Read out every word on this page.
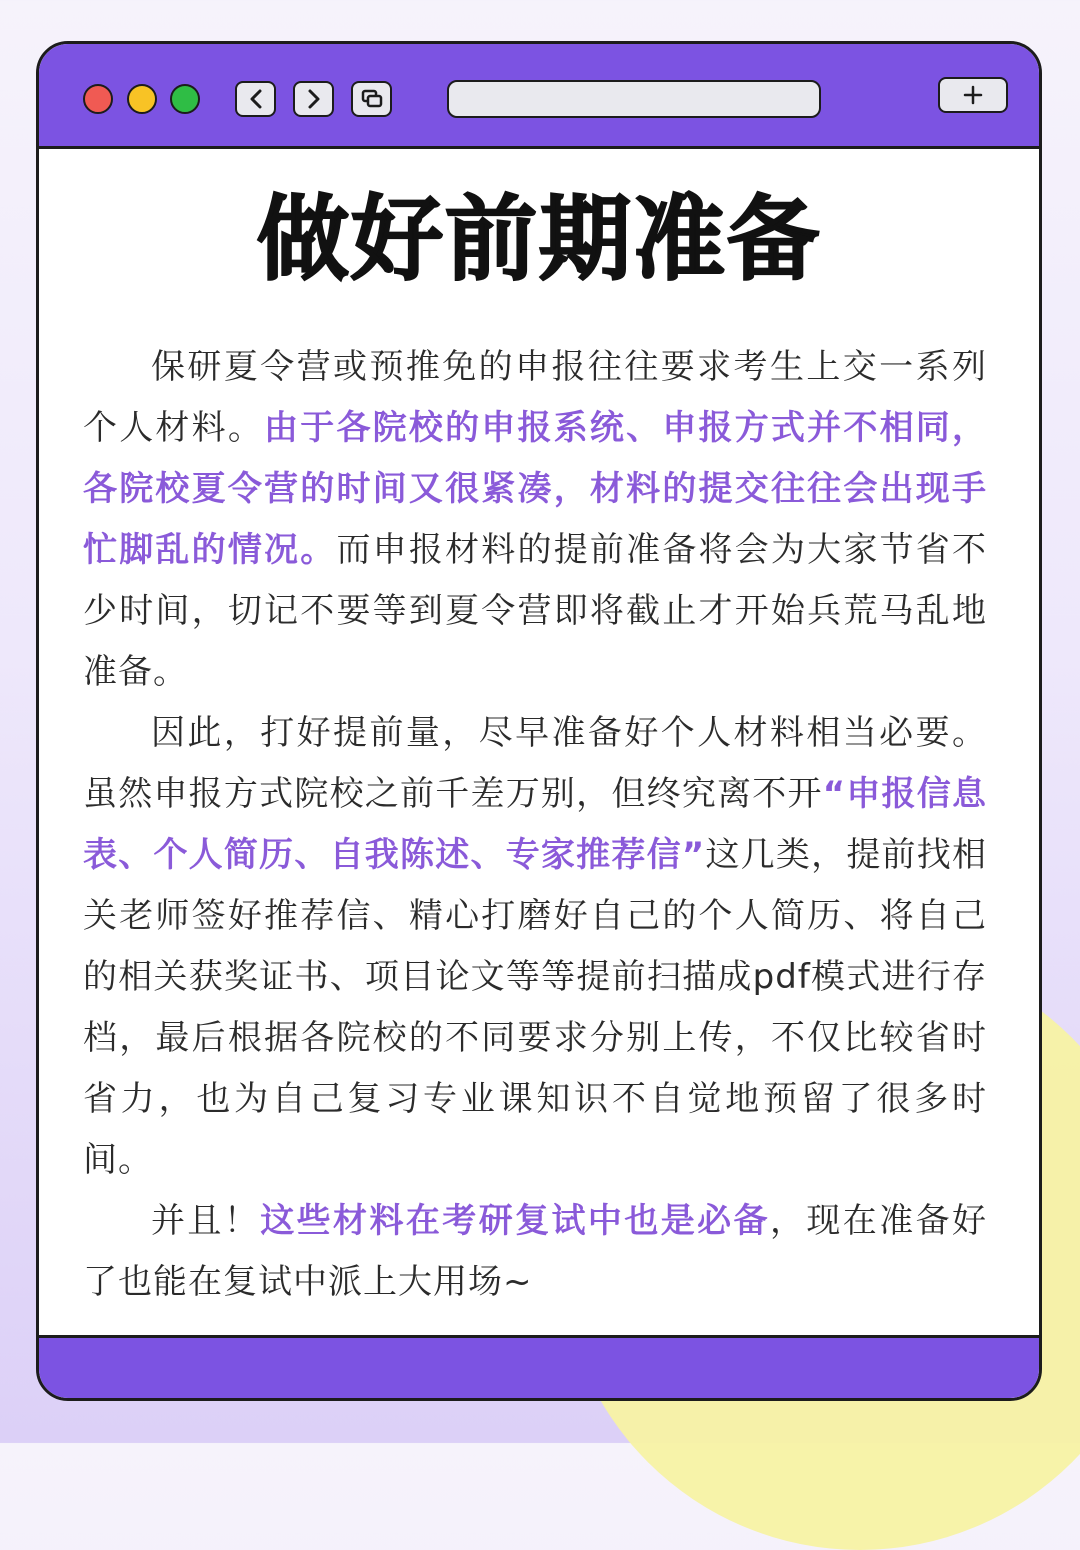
做好前期准备

保研夏令营或预推免的申报往往要求考生上交一系列个人材料。由于各院校的申报系统、申报方式并不相同，各院校夏令营的时间又很紧凑，材料的提交往往会出现手忙脚乱的情况。而申报材料的提前准备将会为大家节省不少时间，切记不要等到夏令营即将截止才开始兵荒马乱地准备。

因此，打好提前量，尽早准备好个人材料相当必要。虽然申报方式院校之前千差万别，但终究离不开“申报信息表、个人简历、自我陈述、专家推荐信”这几类，提前找相关老师签好推荐信、精心打磨好自己的个人简历、将自己的相关获奖证书、项目论文等等提前扫描成pdf模式进行存档，最后根据各院校的不同要求分别上传，不仅比较省时省力，也为自己复习专业课知识不自觉地预留了很多时间。

并且！这些材料在考研复试中也是必备，现在准备好了也能在复试中派上大用场~
